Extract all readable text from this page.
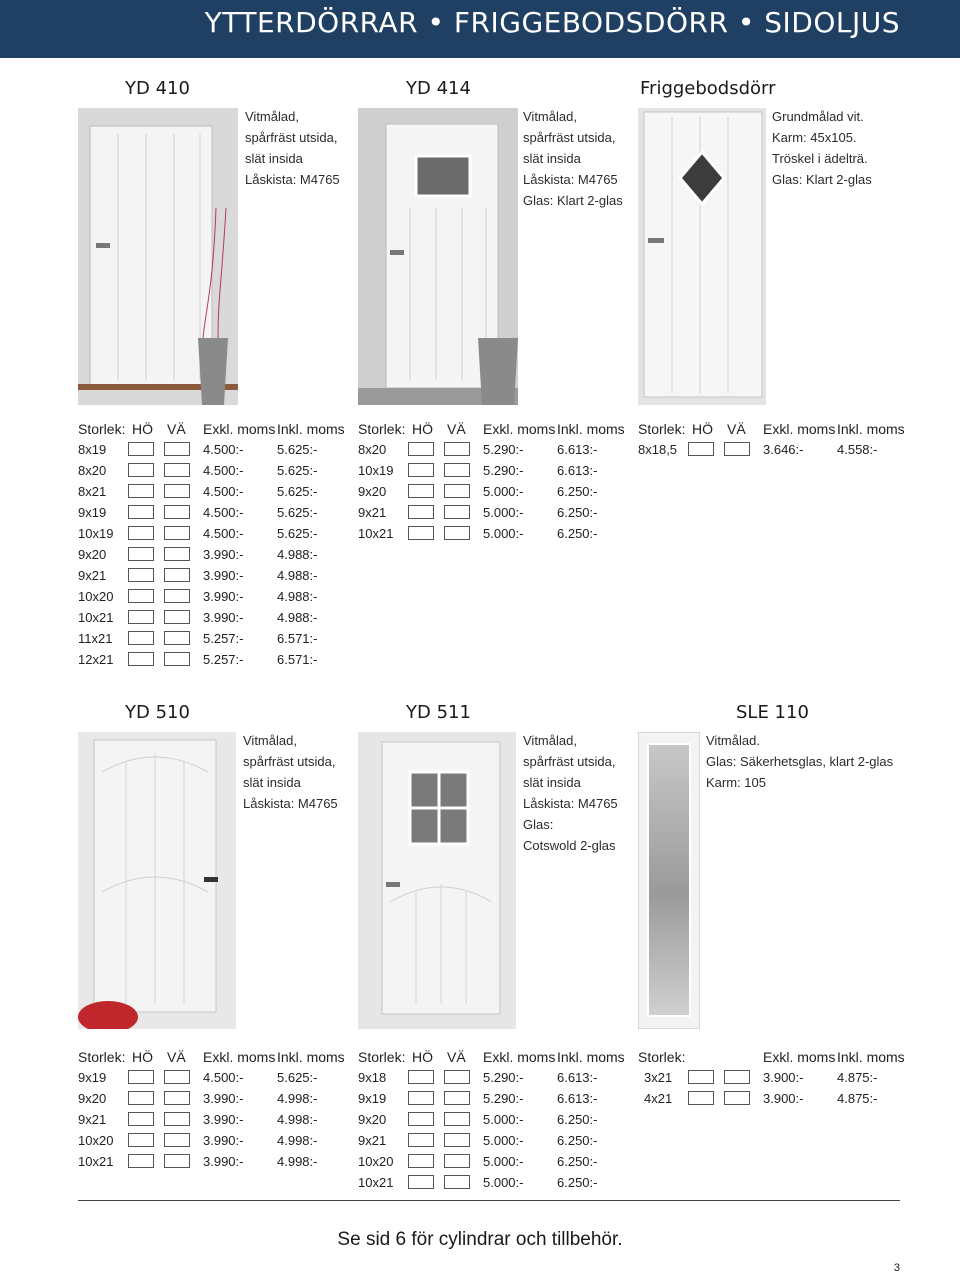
YTTERDÖRRAR • FRIGGEBODSDÖRR • SIDOLJUS
YD 410
Vitmålad,
spårfräst utsida,
slät insida
Låskista: M4765
Storlek: HÖ VÄ Exkl. moms Inkl. moms
8x19	4.500:-	5.625:-
8x20	4.500:-	5.625:-
8x21	4.500:-	5.625:-
9x19	4.500:-	5.625:-
10x19	4.500:-	5.625:-
9x20	3.990:-	4.988:-
9x21	3.990:-	4.988:-
10x20	3.990:-	4.988:-
10x21	3.990:-	4.988:-
11x21	5.257:-	6.571:-
12x21	5.257:-	6.571:-
YD 414
Vitmålad,
spårfräst utsida,
slät insida
Låskista: M4765
Glas: Klart 2-glas
Storlek: HÖ VÄ Exkl. moms Inkl. moms
8x20	5.290:-	6.613:-
10x19	5.290:-	6.613:-
9x20	5.000:-	6.250:-
9x21	5.000:-	6.250:-
10x21	5.000:-	6.250:-
Friggebodsdörr
Grundmålad vit.
Karm: 45x105.
Tröskel i ädelträ.
Glas: Klart 2-glas
Storlek: HÖ VÄ Exkl. moms Inkl. moms
8x18,5	3.646:-	4.558:-
YD 510
Vitmålad,
spårfräst utsida,
slät insida
Låskista: M4765
Storlek: HÖ VÄ Exkl. moms Inkl. moms
9x19	4.500:-	5.625:-
9x20	3.990:-	4.998:-
9x21	3.990:-	4.998:-
10x20	3.990:-	4.998:-
10x21	3.990:-	4.998:-
YD 511
Vitmålad,
spårfräst utsida,
slät insida
Låskista: M4765
Glas:
Cotswold 2-glas
Storlek: HÖ VÄ Exkl. moms Inkl. moms
9x18	5.290:-	6.613:-
9x19	5.290:-	6.613:-
9x20	5.000:-	6.250:-
9x21	5.000:-	6.250:-
10x20	5.000:-	6.250:-
10x21	5.000:-	6.250:-
SLE 110
Vitmålad.
Glas: Säkerhetsglas, klart 2-glas
Karm: 105
Storlek:	Exkl. moms Inkl. moms
3x21	3.900:-	4.875:-
4x21	3.900:-	4.875:-
Se sid 6 för cylindrar och tillbehör.
3
